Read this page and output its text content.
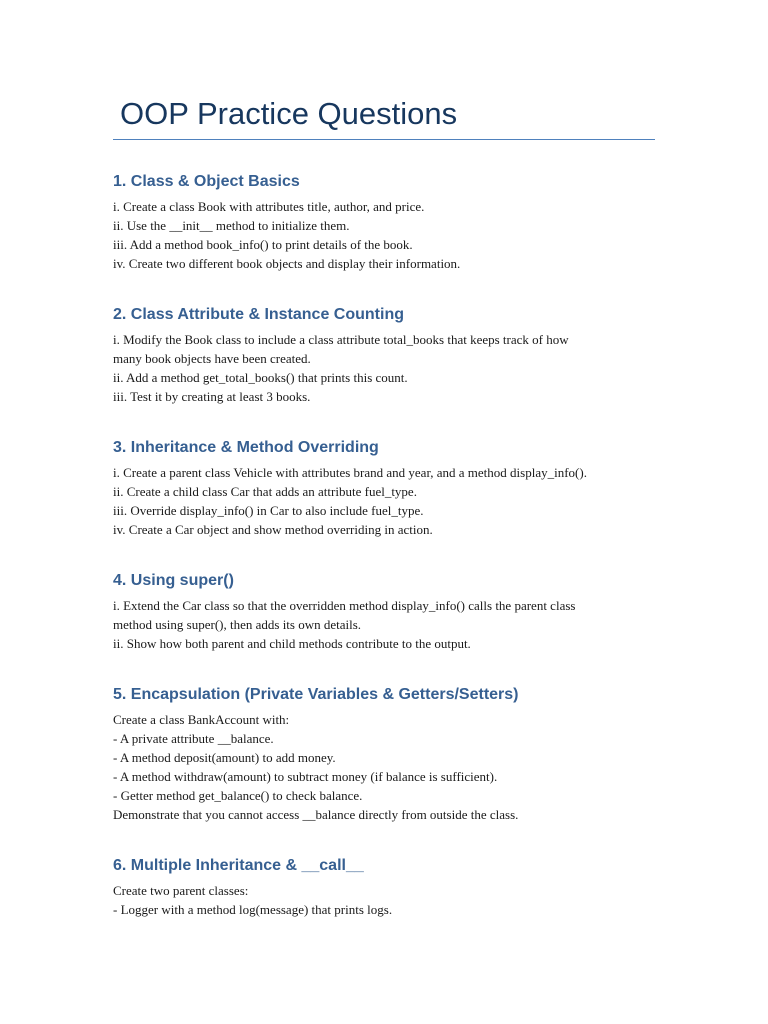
OOP Practice Questions
1. Class & Object Basics
i. Create a class Book with attributes title, author, and price.
ii. Use the __init__ method to initialize them.
iii. Add a method book_info() to print details of the book.
iv. Create two different book objects and display their information.
2. Class Attribute & Instance Counting
i. Modify the Book class to include a class attribute total_books that keeps track of how
many book objects have been created.
ii. Add a method get_total_books() that prints this count.
iii. Test it by creating at least 3 books.
3. Inheritance & Method Overriding
i. Create a parent class Vehicle with attributes brand and year, and a method display_info().
ii. Create a child class Car that adds an attribute fuel_type.
iii. Override display_info() in Car to also include fuel_type.
iv. Create a Car object and show method overriding in action.
4. Using super()
i. Extend the Car class so that the overridden method display_info() calls the parent class
method using super(), then adds its own details.
ii. Show how both parent and child methods contribute to the output.
5. Encapsulation (Private Variables & Getters/Setters)
Create a class BankAccount with:
- A private attribute __balance.
- A method deposit(amount) to add money.
- A method withdraw(amount) to subtract money (if balance is sufficient).
- Getter method get_balance() to check balance.
Demonstrate that you cannot access __balance directly from outside the class.
6. Multiple Inheritance & __call__
Create two parent classes:
- Logger with a method log(message) that prints logs.
